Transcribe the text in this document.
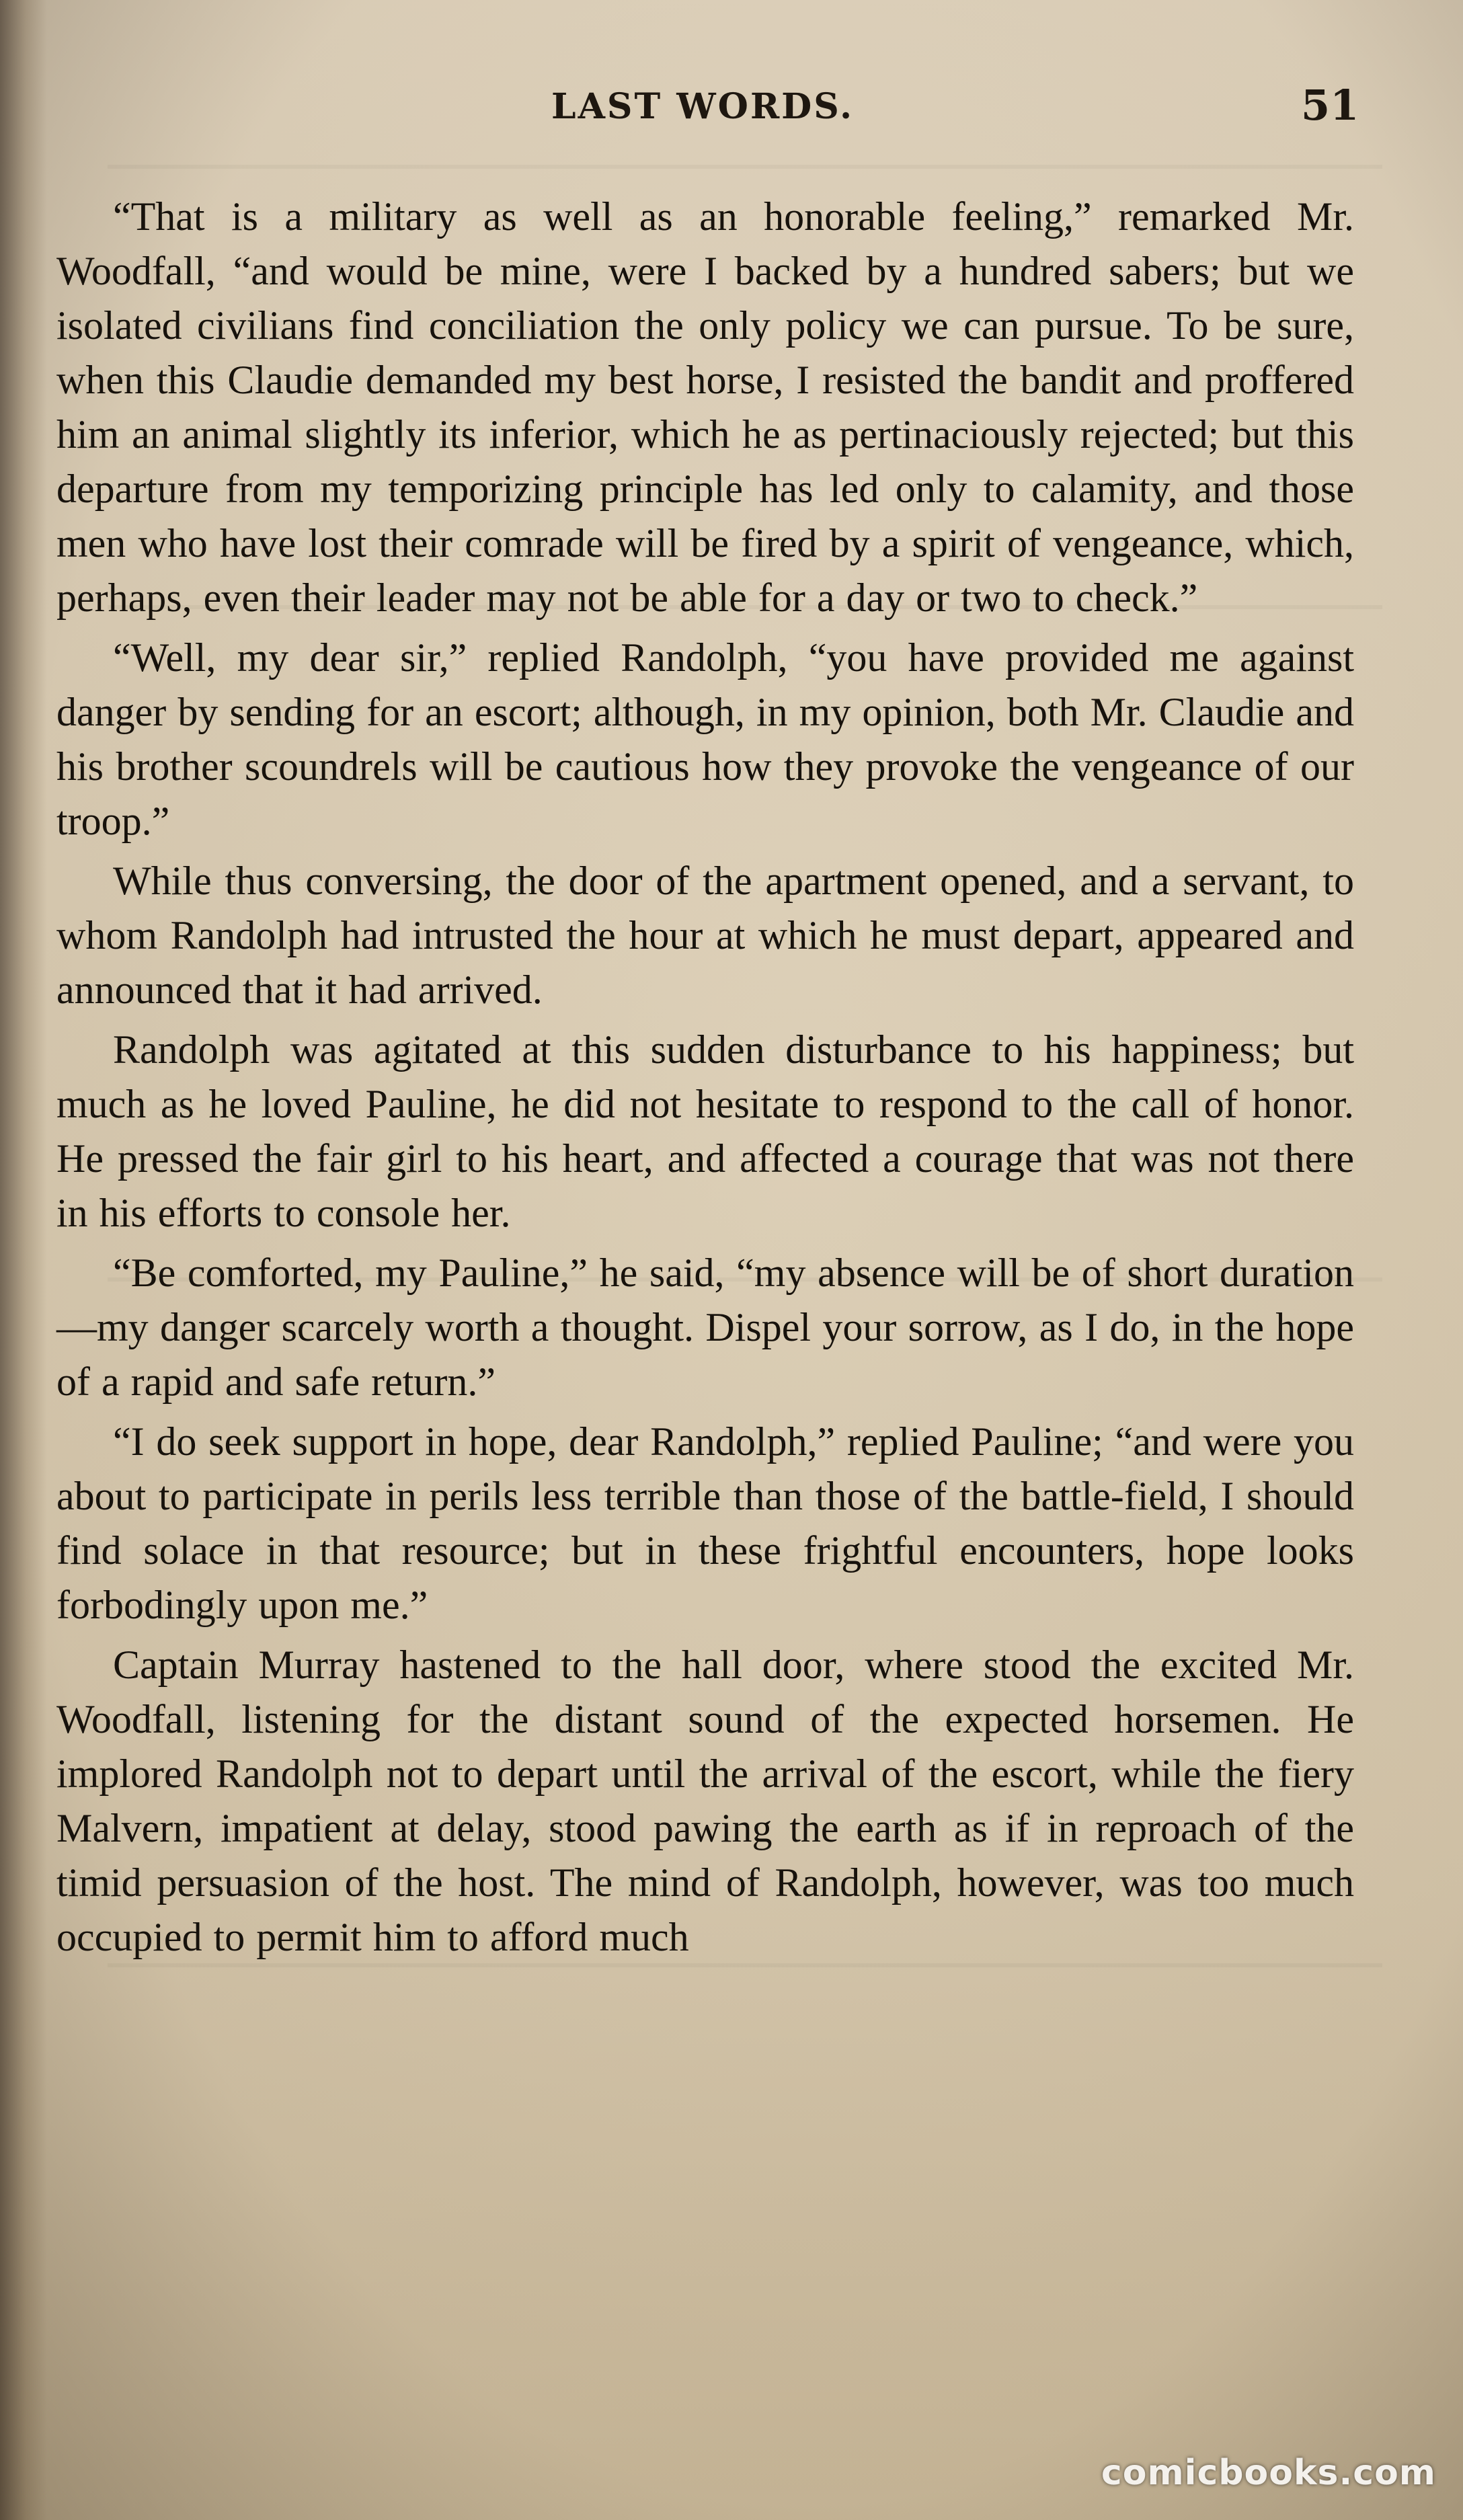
LAST WORDS.	51

“That is a military as well as an honorable feeling,” remarked Mr. Woodfall, “and would be mine, were I backed by a hundred sabers; but we isolated civilians find conciliation the only policy we can pursue. To be sure, when this Claudie demanded my best horse, I resisted the bandit and proffered him an animal slightly its inferior, which he as pertinaciously rejected; but this departure from my temporizing principle has led only to calamity, and those men who have lost their comrade will be fired by a spirit of vengeance, which, perhaps, even their leader may not be able for a day or two to check.”

“Well, my dear sir,” replied Randolph, “you have provided me against danger by sending for an escort; although, in my opinion, both Mr. Claudie and his brother scoundrels will be cautious how they provoke the vengeance of our troop.”

While thus conversing, the door of the apartment opened, and a servant, to whom Randolph had intrusted the hour at which he must depart, appeared and announced that it had arrived.

Randolph was agitated at this sudden disturbance to his happiness; but much as he loved Pauline, he did not hesitate to respond to the call of honor. He pressed the fair girl to his heart, and affected a courage that was not there in his efforts to console her.

“Be comforted, my Pauline,” he said, “my absence will be of short duration—my danger scarcely worth a thought. Dispel your sorrow, as I do, in the hope of a rapid and safe return.”

“I do seek support in hope, dear Randolph,” replied Pauline; “and were you about to participate in perils less terrible than those of the battle-field, I should find solace in that resource; but in these frightful encounters, hope looks forbodingly upon me.”

Captain Murray hastened to the hall door, where stood the excited Mr. Woodfall, listening for the distant sound of the expected horsemen. He implored Randolph not to depart until the arrival of the escort, while the fiery Malvern, impatient at delay, stood pawing the earth as if in reproach of the timid persuasion of the host. The mind of Randolph, however, was too much occupied to permit him to afford much

comicbooks.com
